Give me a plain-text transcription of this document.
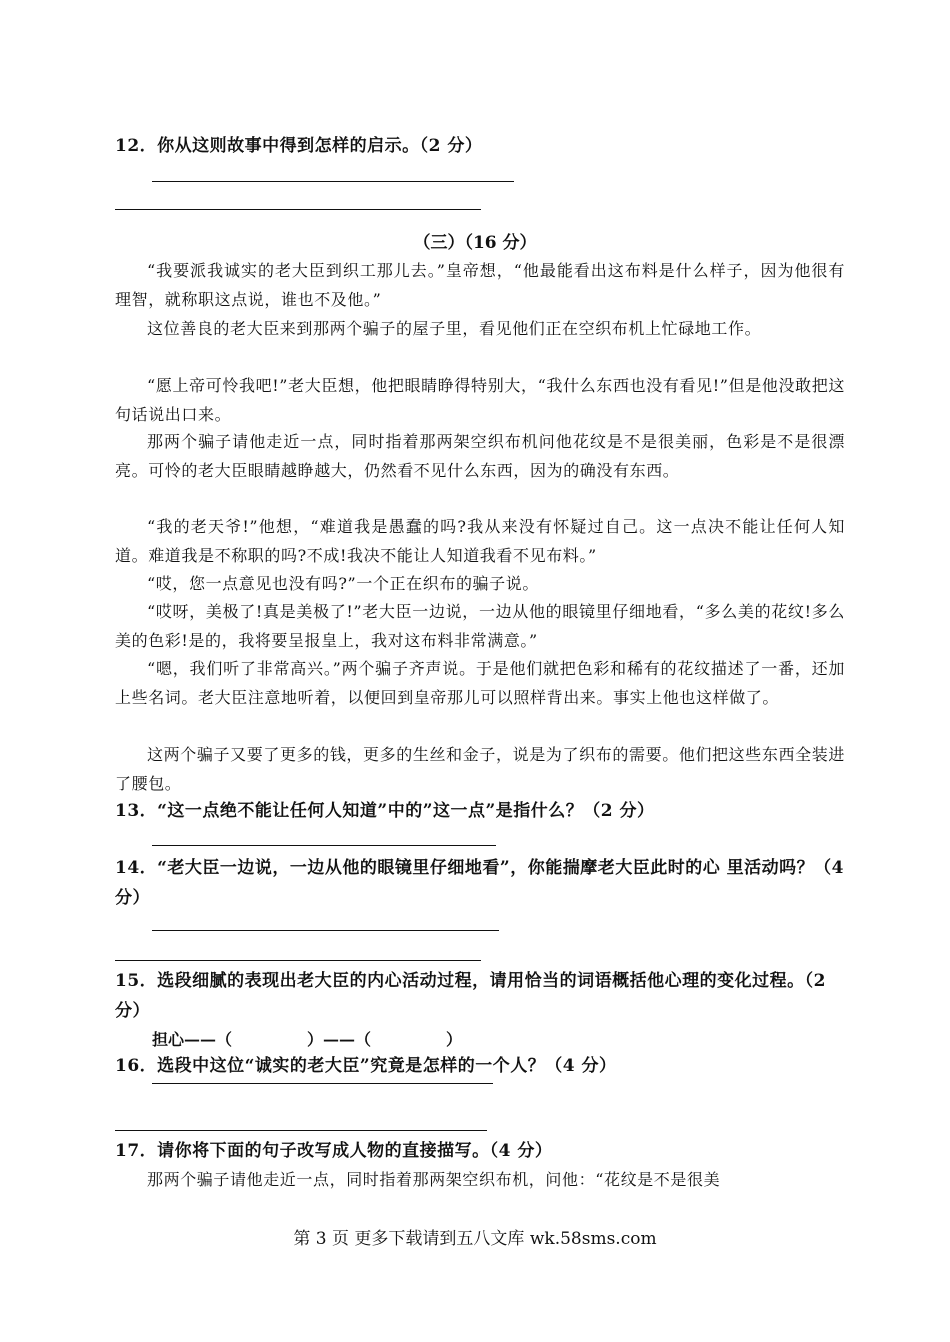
12．你从这则故事中得到怎样的启示。（2 分）
（三）（16 分）
“我要派我诚实的老大臣到织工那儿去。”皇帝想，“他最能看出这布料是什么样子，因为他很有理智，就称职这点说，谁也不及他。”
这位善良的老大臣来到那两个骗子的屋子里，看见他们正在空织布机上忙碌地工作。
“愿上帝可怜我吧!”老大臣想，他把眼睛睁得特别大，“我什么东西也没有看见!”但是他没敢把这句话说出口来。
那两个骗子请他走近一点，同时指着那两架空织布机问他花纹是不是很美丽，色彩是不是很漂亮。可怜的老大臣眼睛越睁越大，仍然看不见什么东西，因为的确没有东西。
“我的老天爷!”他想，“难道我是愚蠢的吗?我从来没有怀疑过自己。这一点决不能让任何人知道。难道我是不称职的吗?不成!我决不能让人知道我看不见布料。”
“哎，您一点意见也没有吗?”一个正在织布的骗子说。
“哎呀，美极了!真是美极了!”老大臣一边说，一边从他的眼镜里仔细地看，“多么美的花纹!多么美的色彩!是的，我将要呈报皇上，我对这布料非常满意。”
“嗯，我们听了非常高兴。”两个骗子齐声说。于是他们就把色彩和稀有的花纹描述了一番，还加上些名词。老大臣注意地听着，以便回到皇帝那儿可以照样背出来。事实上他也这样做了。
这两个骗子又要了更多的钱，更多的生丝和金子，说是为了织布的需要。他们把这些东西全装进了腰包。
13．“这一点绝不能让任何人知道”中的”这一点”是指什么？（2 分）
14．“老大臣一边说，一边从他的眼镜里仔细地看”，你能揣摩老大臣此时的心 里活动吗？（4 分）
15．选段细腻的表现出老大臣的内心活动过程，请用恰当的词语概括他心理的变化过程。（2 分）
担心——（	）——（	）
16．选段中这位“诚实的老大臣”究竟是怎样的一个人？（4 分）
17．请你将下面的句子改写成人物的直接描写。（4 分）
那两个骗子请他走近一点，同时指着那两架空织布机，问他：“花纹是不是很美
第 3 页 更多下载请到五八文库 wk.58sms.com
